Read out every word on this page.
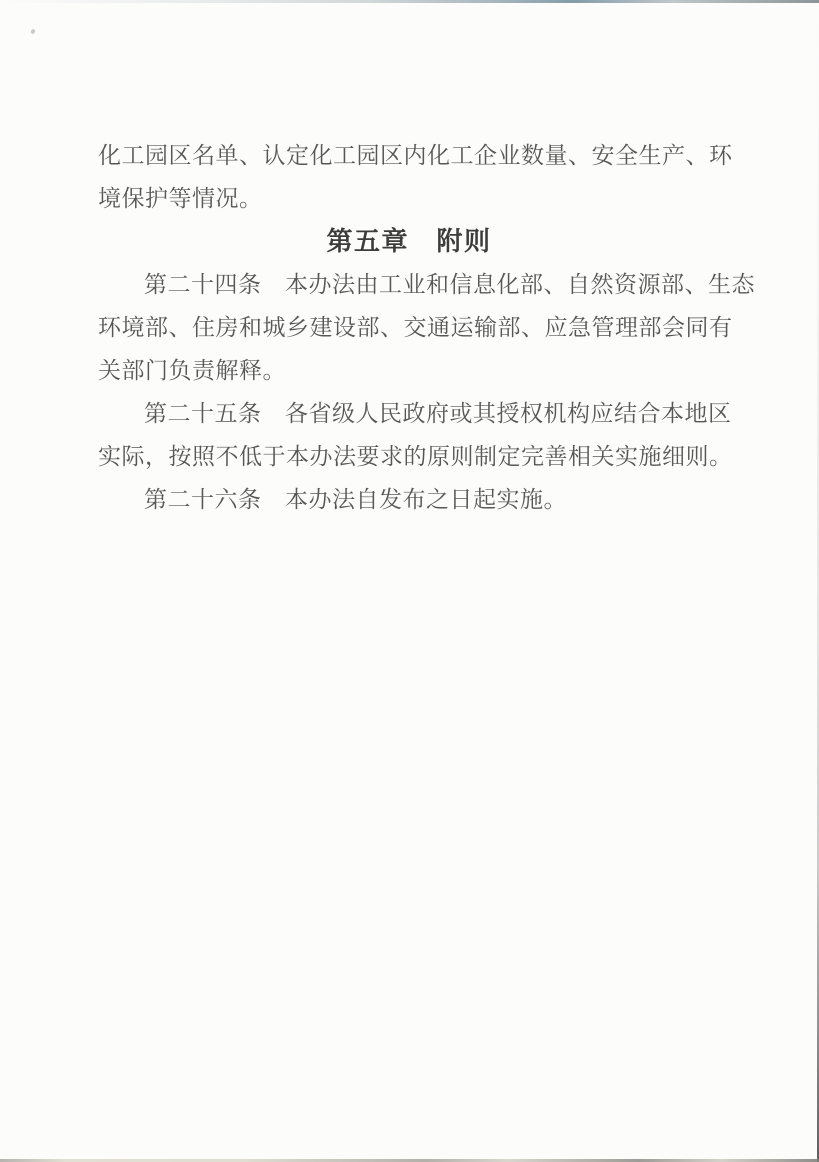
化工园区名单、认定化工园区内化工企业数量、安全生产、环
境保护等情况。
第五章　附则
第二十四条　本办法由工业和信息化部、自然资源部、生态
环境部、住房和城乡建设部、交通运输部、应急管理部会同有
关部门负责解释。
第二十五条　各省级人民政府或其授权机构应结合本地区
实际，按照不低于本办法要求的原则制定完善相关实施细则。
第二十六条　本办法自发布之日起实施。
